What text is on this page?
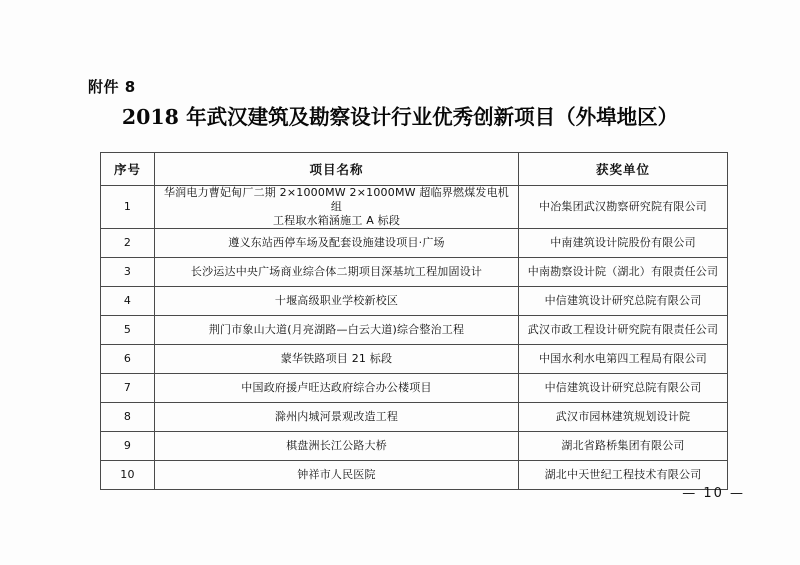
附件 8
2018 年武汉建筑及勘察设计行业优秀创新项目（外埠地区）
序号	项目名称	获奖单位
1	华润电力曹妃甸厂二期 2×1000MW 2×1000MW 超临界燃煤发电机组
工程取水箱涵施工 A 标段	中冶集团武汉勘察研究院有限公司
2	遵义东站西停车场及配套设施建设项目·广场	中南建筑设计院股份有限公司
3	长沙运达中央广场商业综合体二期项目深基坑工程加固设计	中南勘察设计院（湖北）有限责任公司
4	十堰高级职业学校新校区	中信建筑设计研究总院有限公司
5	荆门市象山大道(月亮湖路—白云大道)综合整治工程	武汉市政工程设计研究院有限责任公司
6	蒙华铁路项目 21 标段	中国水利水电第四工程局有限公司
7	中国政府援卢旺达政府综合办公楼项目	中信建筑设计研究总院有限公司
8	滁州内城河景观改造工程	武汉市园林建筑规划设计院
9	棋盘洲长江公路大桥	湖北省路桥集团有限公司
10	钟祥市人民医院	湖北中天世纪工程技术有限公司
— 10 —
